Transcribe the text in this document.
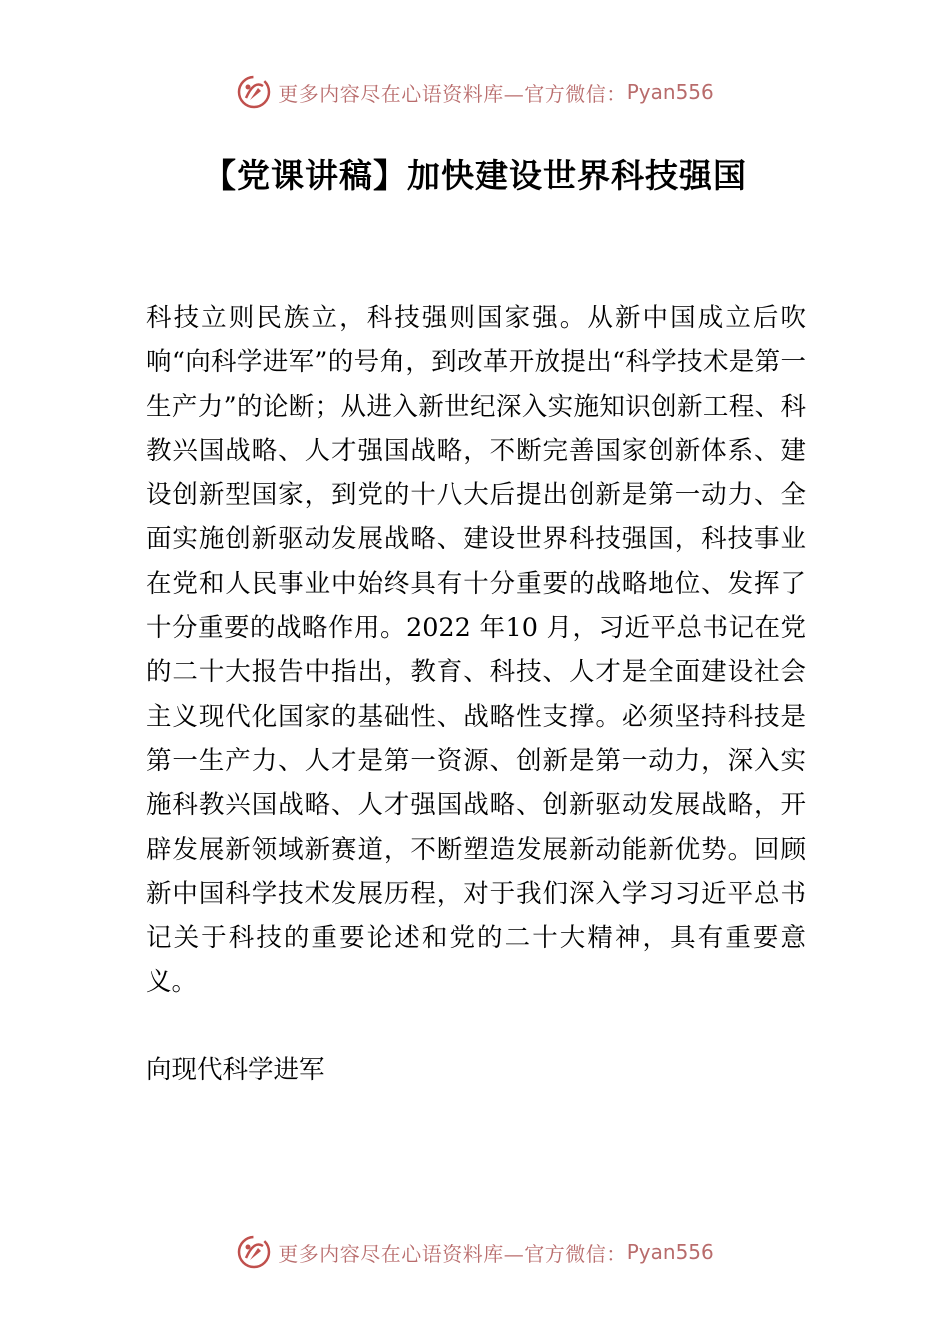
更多内容尽在心语资料库—官方微信： Pyan556
【党课讲稿】加快建设世界科技强国

科技立则民族立，科技强则国家强。从新中国成立后吹响“向科学进军”的号角，到改革开放提出“科学技术是第一生产力”的论断；从进入新世纪深入实施知识创新工程、科教兴国战略、人才强国战略，不断完善国家创新体系、建设创新型国家，到党的十八大后提出创新是第一动力、全面实施创新驱动发展战略、建设世界科技强国，科技事业在党和人民事业中始终具有十分重要的战略地位、发挥了十分重要的战略作用。2022 年10 月，习近平总书记在党的二十大报告中指出，教育、科技、人才是全面建设社会主义现代化国家的基础性、战略性支撑。必须坚持科技是第一生产力、人才是第一资源、创新是第一动力，深入实施科教兴国战略、人才强国战略、创新驱动发展战略，开辟发展新领域新赛道，不断塑造发展新动能新优势。回顾新中国科学技术发展历程，对于我们深入学习习近平总书记关于科技的重要论述和党的二十大精神，具有重要意义。

向现代科学进军

更多内容尽在心语资料库—官方微信： Pyan556
